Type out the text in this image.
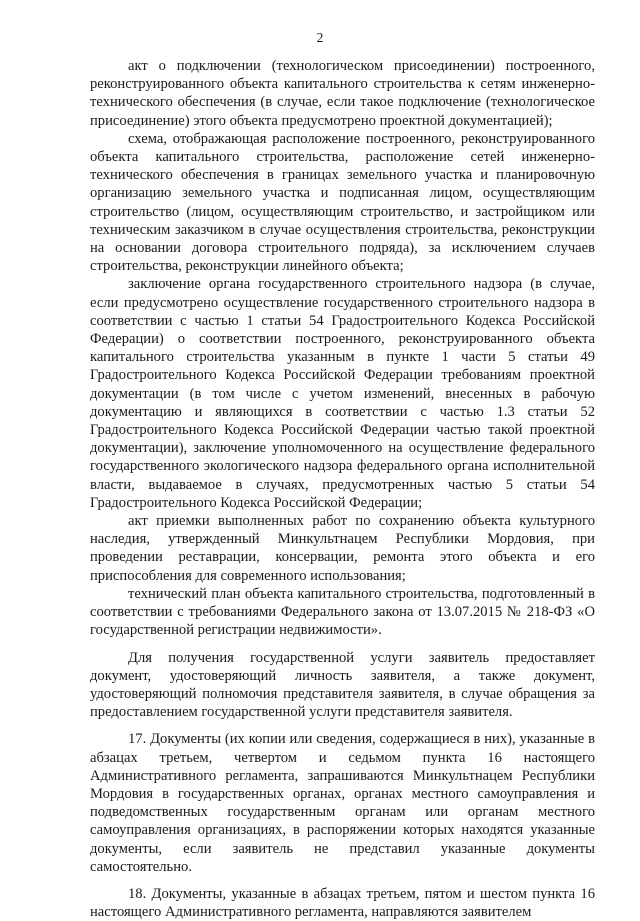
2

акт о подключении (технологическом присоединении) построенного, реконструированного объекта капитального строительства к сетям инженерно-технического обеспечения (в случае, если такое подключение (технологическое присоединение) этого объекта предусмотрено проектной документацией);

схема, отображающая расположение построенного, реконструированного объекта капитального строительства, расположение сетей инженерно-технического обеспечения в границах земельного участка и планировочную организацию земельного участка и подписанная лицом, осуществляющим строительство (лицом, осуществляющим строительство, и застройщиком или техническим заказчиком в случае осуществления строительства, реконструкции на основании договора строительного подряда), за исключением случаев строительства, реконструкции линейного объекта;

заключение органа государственного строительного надзора (в случае, если предусмотрено осуществление государственного строительного надзора в соответствии с частью 1 статьи 54 Градостроительного Кодекса Российской Федерации) о соответствии построенного, реконструированного объекта капитального строительства указанным в пункте 1 части 5 статьи 49 Градостроительного Кодекса Российской Федерации требованиям проектной документации (в том числе с учетом изменений, внесенных в рабочую документацию и являющихся в соответствии с частью 1.3 статьи 52 Градостроительного Кодекса Российской Федерации частью такой проектной документации), заключение уполномоченного на осуществление федерального государственного экологического надзора федерального органа исполнительной власти, выдаваемое в случаях, предусмотренных частью 5 статьи 54 Градостроительного Кодекса Российской Федерации;

акт приемки выполненных работ по сохранению объекта культурного наследия, утвержденный Минкультнацем Республики Мордовия, при проведении реставрации, консервации, ремонта этого объекта и его приспособления для современного использования;

технический план объекта капитального строительства, подготовленный в соответствии с требованиями Федерального закона от 13.07.2015 № 218-ФЗ «О государственной регистрации недвижимости».

Для получения государственной услуги заявитель предоставляет документ, удостоверяющий личность заявителя, а также документ, удостоверяющий полномочия представителя заявителя, в случае обращения за предоставлением государственной услуги представителя заявителя.

17. Документы (их копии или сведения, содержащиеся в них), указанные в абзацах третьем, четвертом и седьмом пункта 16 настоящего Административного регламента, запрашиваются Минкультнацем Республики Мордовия в государственных органах, органах местного самоуправления и подведомственных государственным органам или органам местного самоуправления организациях, в распоряжении которых находятся указанные документы, если заявитель не представил указанные документы самостоятельно.

18. Документы, указанные в абзацах третьем, пятом и шестом пункта 16 настоящего Административного регламента, направляются заявителем
